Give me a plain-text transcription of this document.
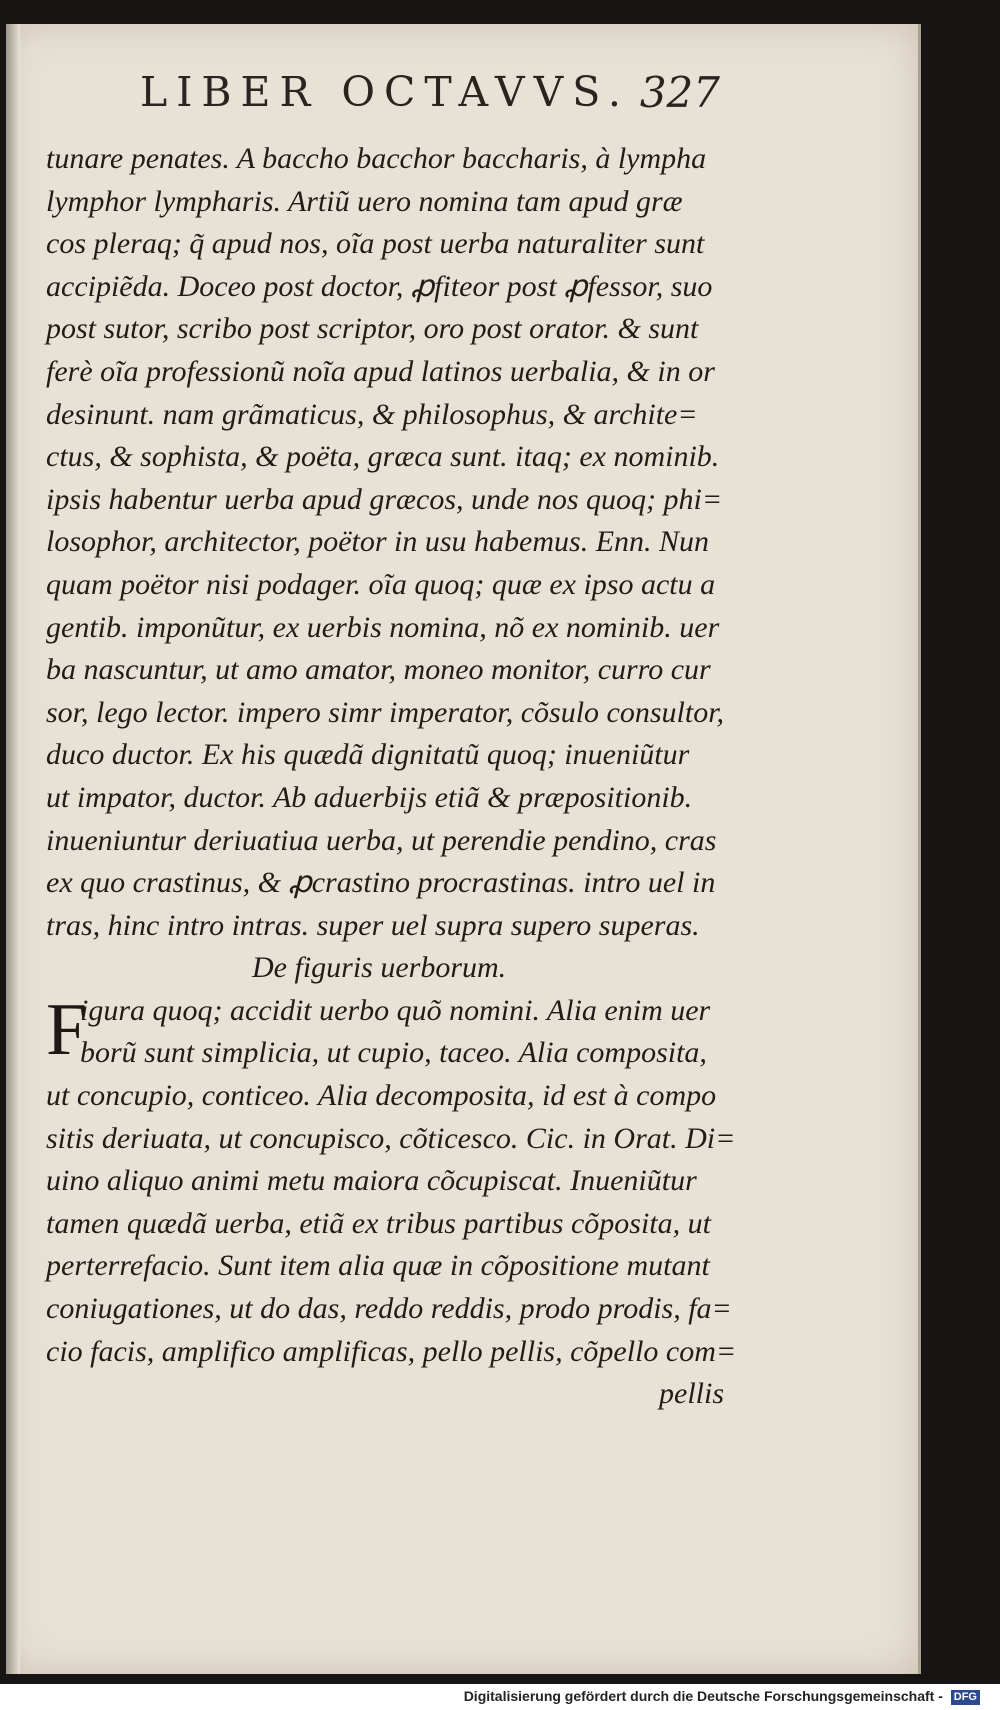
LIBER OCTAVVS. 327
tunare penates. A baccho bacchor baccharis, à lympha
lymphor lympharis. Artiũ uero nomina tam apud græ
cos pleraq; q̃ apud nos, oĩa post uerba naturaliter sunt
accipiẽda. Doceo post doctor, ꝓfiteor post ꝓfessor, suo
post sutor, scribo post scriptor, oro post orator. & sunt
ferè oĩa professionũ noĩa apud latinos uerbalia, & in or
desinunt. nam grãmaticus, & philosophus, & archite=
ctus, & sophista, & poëta, græca sunt. itaq; ex nominib.
ipsis habentur uerba apud græcos, unde nos quoq; phi=
losophor, architector, poëtor in usu habemus. Enn. Nun
quam poëtor nisi podager. oĩa quoq; quæ ex ipso actu a
gentib. imponũtur, ex uerbis nomina, nõ ex nominib. uer
ba nascuntur, ut amo amator, moneo monitor, curro cur
sor, lego lector. impero simr imperator, cõsulo consultor,
duco ductor. Ex his quædã dignitatũ quoq; inueniũtur
ut impator, ductor. Ab aduerbijs etiã & præpositionib.
inueniuntur deriuatiua uerba, ut perendie pendino, cras
ex quo crastinus, & ꝓcrastino procrastinas. intro uel in
tras, hinc intro intras. super uel supra supero superas.
De figuris uerborum.
igura quoq; accidit uerbo quõ nomini. Alia enim uer
borũ sunt simplicia, ut cupio, taceo. Alia composita,
ut concupio, conticeo. Alia decomposita, id est à compo
sitis deriuata, ut concupisco, cõticesco. Cic. in Orat. Di=
uino aliquo animi metu maiora cõcupiscat. Inueniũtur
tamen quædã uerba, etiã ex tribus partibus cõposita, ut
perterrefacio. Sunt item alia quæ in cõpositione mutant
coniugationes, ut do das, reddo reddis, prodo prodis, fa=
cio facis, amplifico amplificas, pello pellis, cõpello com=
pellis
F
Digitalisierung gefördert durch die Deutsche Forschungsgemeinschaft - DFG
